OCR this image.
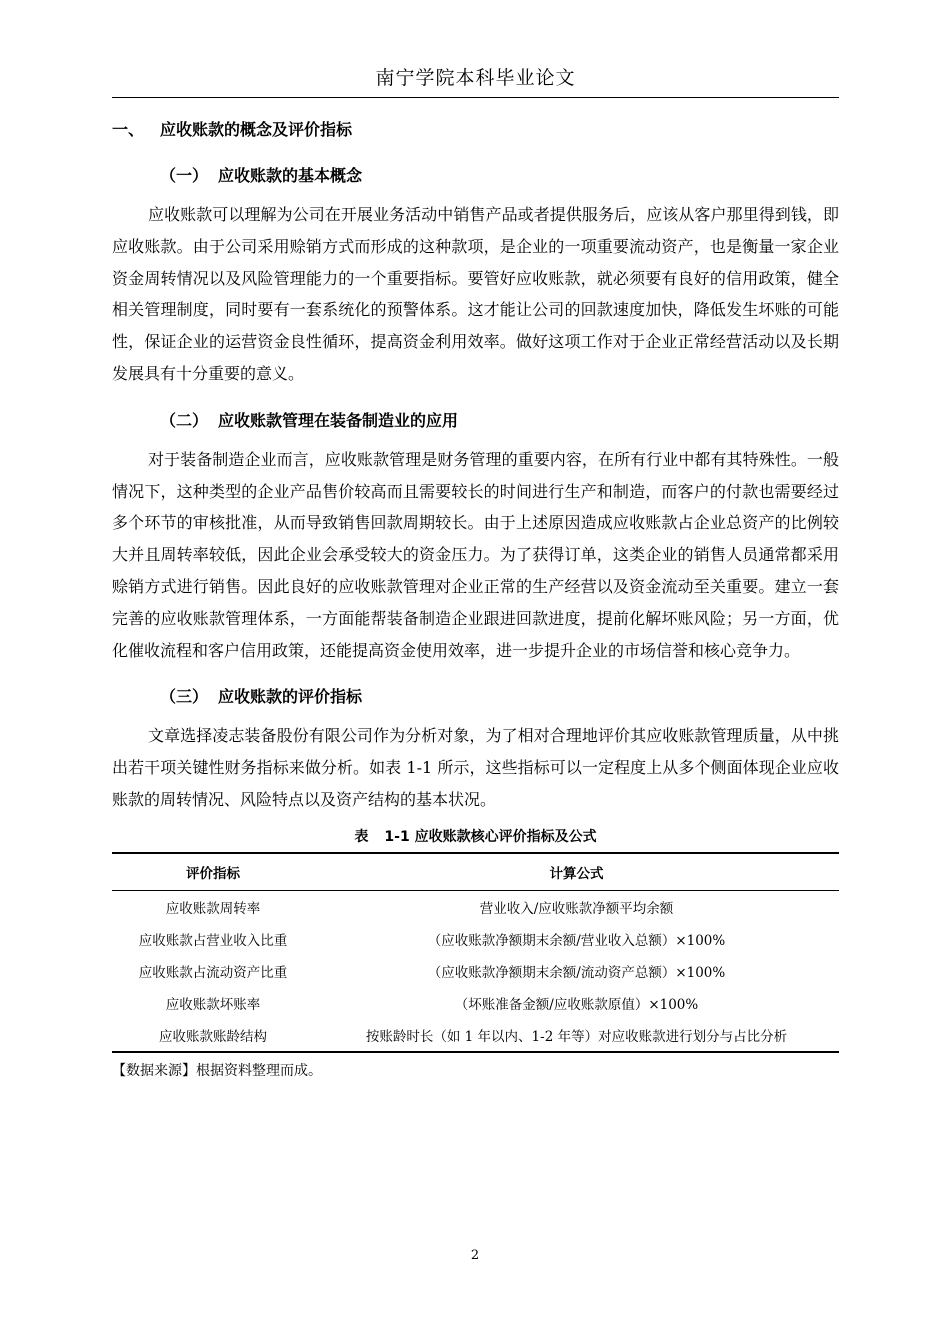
南宁学院本科毕业论文
一、 应收账款的概念及评价指标
（一） 应收账款的基本概念

应收账款可以理解为公司在开展业务活动中销售产品或者提供服务后，应该从客户那里得到钱，即应收账款。由于公司采用赊销方式而形成的这种款项，是企业的一项重要流动资产，也是衡量一家企业资金周转情况以及风险管理能力的一个重要指标。要管好应收账款，就必须要有良好的信用政策，健全相关管理制度，同时要有一套系统化的预警体系。这才能让公司的回款速度加快，降低发生坏账的可能性，保证企业的运营资金良性循环，提高资金利用效率。做好这项工作对于企业正常经营活动以及长期发展具有十分重要的意义。

（二） 应收账款管理在装备制造业的应用

对于装备制造企业而言，应收账款管理是财务管理的重要内容，在所有行业中都有其特殊性。一般情况下，这种类型的企业产品售价较高而且需要较长的时间进行生产和制造，而客户的付款也需要经过多个环节的审核批准，从而导致销售回款周期较长。由于上述原因造成应收账款占企业总资产的比例较大并且周转率较低，因此企业会承受较大的资金压力。为了获得订单，这类企业的销售人员通常都采用赊销方式进行销售。因此良好的应收账款管理对企业正常的生产经营以及资金流动至关重要。建立一套完善的应收账款管理体系，一方面能帮装备制造企业跟进回款进度，提前化解坏账风险；另一方面，优化催收流程和客户信用政策，还能提高资金使用效率，进一步提升企业的市场信誉和核心竞争力。

（三） 应收账款的评价指标

文章选择凌志装备股份有限公司作为分析对象，为了相对合理地评价其应收账款管理质量，从中挑出若干项关键性财务指标来做分析。如表 1-1 所示，这些指标可以一定程度上从多个侧面体现企业应收账款的周转情况、风险特点以及资产结构的基本状况。

表 1-1 应收账款核心评价指标及公式
评价指标	计算公式
应收账款周转率	营业收入/应收账款净额平均余额
应收账款占营业收入比重	（应收账款净额期末余额/营业收入总额）×100%
应收账款占流动资产比重	（应收账款净额期末余额/流动资产总额）×100%
应收账款坏账率	（坏账准备金额/应收账款原值）×100%
应收账款账龄结构	按账龄时长（如 1 年以内、1-2 年等）对应收账款进行划分与占比分析
【数据来源】根据资料整理而成。
2
